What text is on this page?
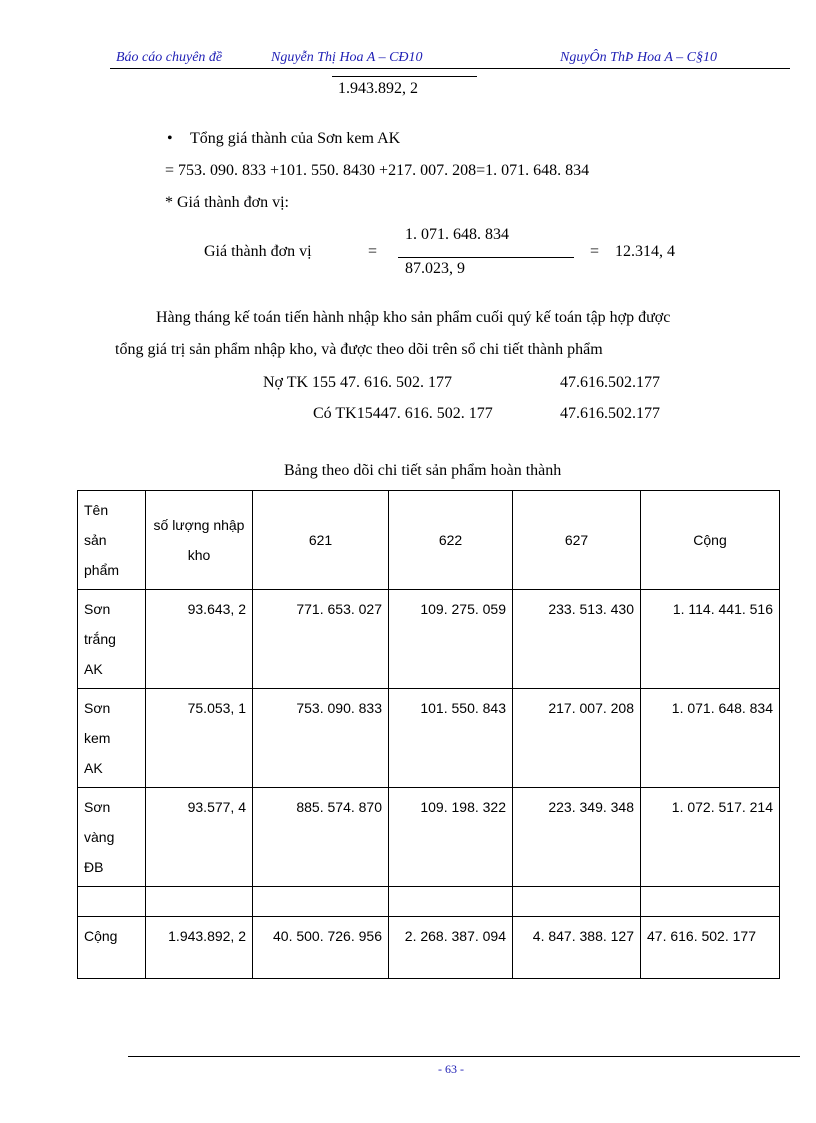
Báo cáo chuyên đề	Nguyễn Thị Hoa A – CĐ10	NguyÔn ThÞ Hoa A – C§10
1.943.892, 2
• Tổng giá thành của Sơn kem AK
= 753. 090. 833 +101. 550. 8430 +217. 007. 208=1. 071. 648. 834
* Giá thành đơn vị:
Giá thành đơn vị	=
1. 071. 648. 834
87.023, 9
= 12.314, 4
Hàng tháng kế toán tiến hành nhập kho sản phẩm cuối quý kế toán tập hợp được
tổng giá trị sản phẩm nhập kho, và được theo dõi trên sổ chi tiết thành phẩm
Nợ TK 155 47. 616. 502. 177	47.616.502.177
Có TK15447. 616. 502. 177	47.616.502.177
Bảng theo dõi chi tiết sản phẩm hoàn thành
Tên sản phẩm	số lượng nhập kho	621	622	627	Cộng

Sơn trắng AK	93.643, 2	771. 653. 027	109. 275. 059	233. 513. 430	1. 114. 441. 516

Sơn kem AK	75.053, 1	753. 090. 833	101. 550. 843	217. 007. 208	1. 071. 648. 834

Sơn vàng ĐB	93.577, 4	885. 574. 870	109. 198. 322	223. 349. 348	1. 072. 517. 214

Cộng	1.943.892, 2	40. 500. 726. 956	2. 268. 387. 094	4. 847. 388. 127	47. 616. 502. 177
- 63 -
